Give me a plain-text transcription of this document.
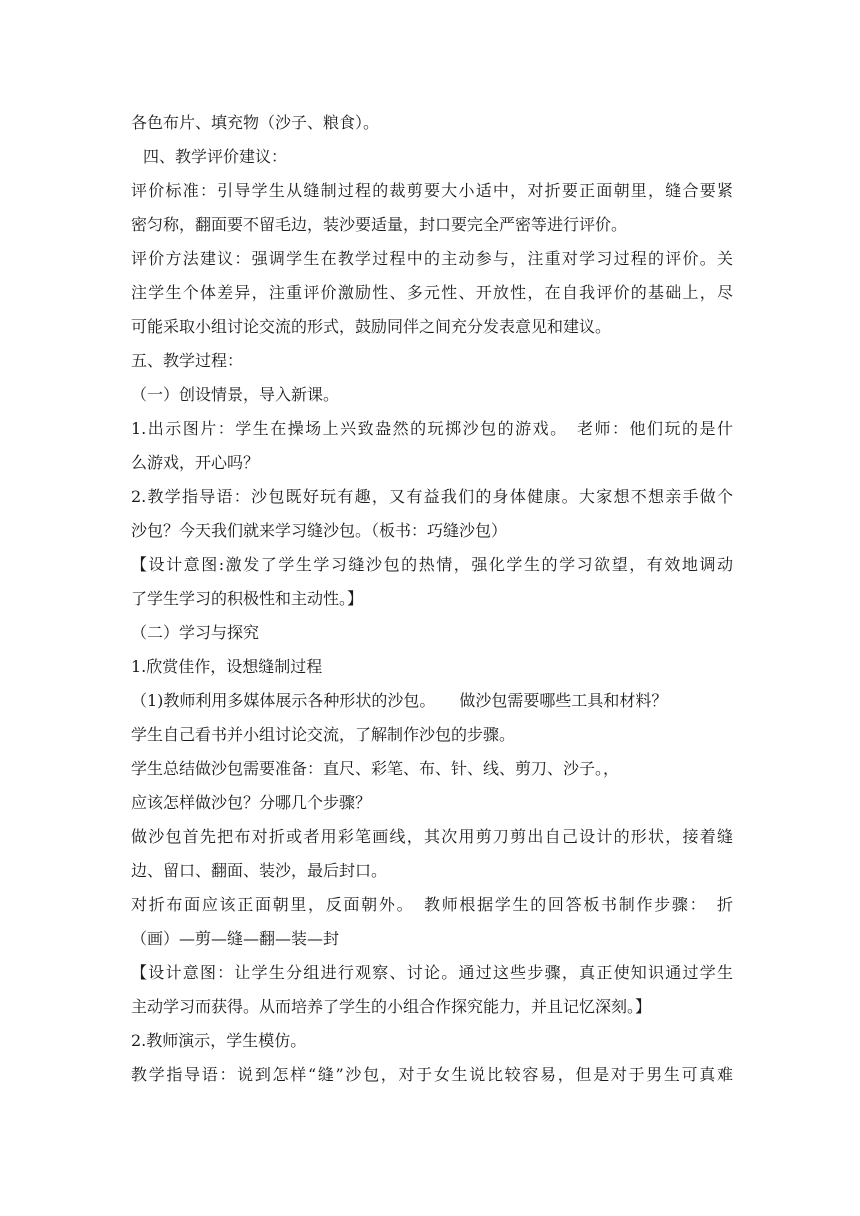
各色布片、填充物（沙子、粮食）。
四、教学评价建议：
评价标准：引导学生从缝制过程的裁剪要大小适中，对折要正面朝里，缝合要紧
密匀称，翻面要不留毛边，装沙要适量，封口要完全严密等进行评价。
评价方法建议：强调学生在教学过程中的主动参与，注重对学习过程的评价。关
注学生个体差异，注重评价激励性、多元性、开放性，在自我评价的基础上，尽
可能采取小组讨论交流的形式，鼓励同伴之间充分发表意见和建议。
五、教学过程：
（一）创设情景，导入新课。
1.出示图片：学生在操场上兴致盎然的玩掷沙包的游戏。　老师：他们玩的是什
么游戏，开心吗？
2.教学指导语：沙包既好玩有趣，又有益我们的身体健康。大家想不想亲手做个
沙包？今天我们就来学习缝沙包。（板书：巧缝沙包）
【设计意图:激发了学生学习缝沙包的热情，强化学生的学习欲望，有效地调动
了学生学习的积极性和主动性。】
（二）学习与探究
1.欣赏佳作，设想缝制过程
（1)教师利用多媒体展示各种形状的沙包。　　做沙包需要哪些工具和材料？
学生自己看书并小组讨论交流，了解制作沙包的步骤。
学生总结做沙包需要准备：直尺、彩笔、布、针、线、剪刀、沙子。，
应该怎样做沙包？分哪几个步骤？
做沙包首先把布对折或者用彩笔画线，其次用剪刀剪出自己设计的形状，接着缝
边、留口、翻面、装沙，最后封口。
对折布面应该正面朝里，反面朝外。　教师根据学生的回答板书制作步骤：　折
（画）—剪—缝—翻—装—封
【设计意图：让学生分组进行观察、讨论。通过这些步骤，真正使知识通过学生
主动学习而获得。从而培养了学生的小组合作探究能力，并且记忆深刻。】
2.教师演示，学生模仿。
教学指导语：说到怎样“缝”沙包，对于女生说比较容易，但是对于男生可真难
